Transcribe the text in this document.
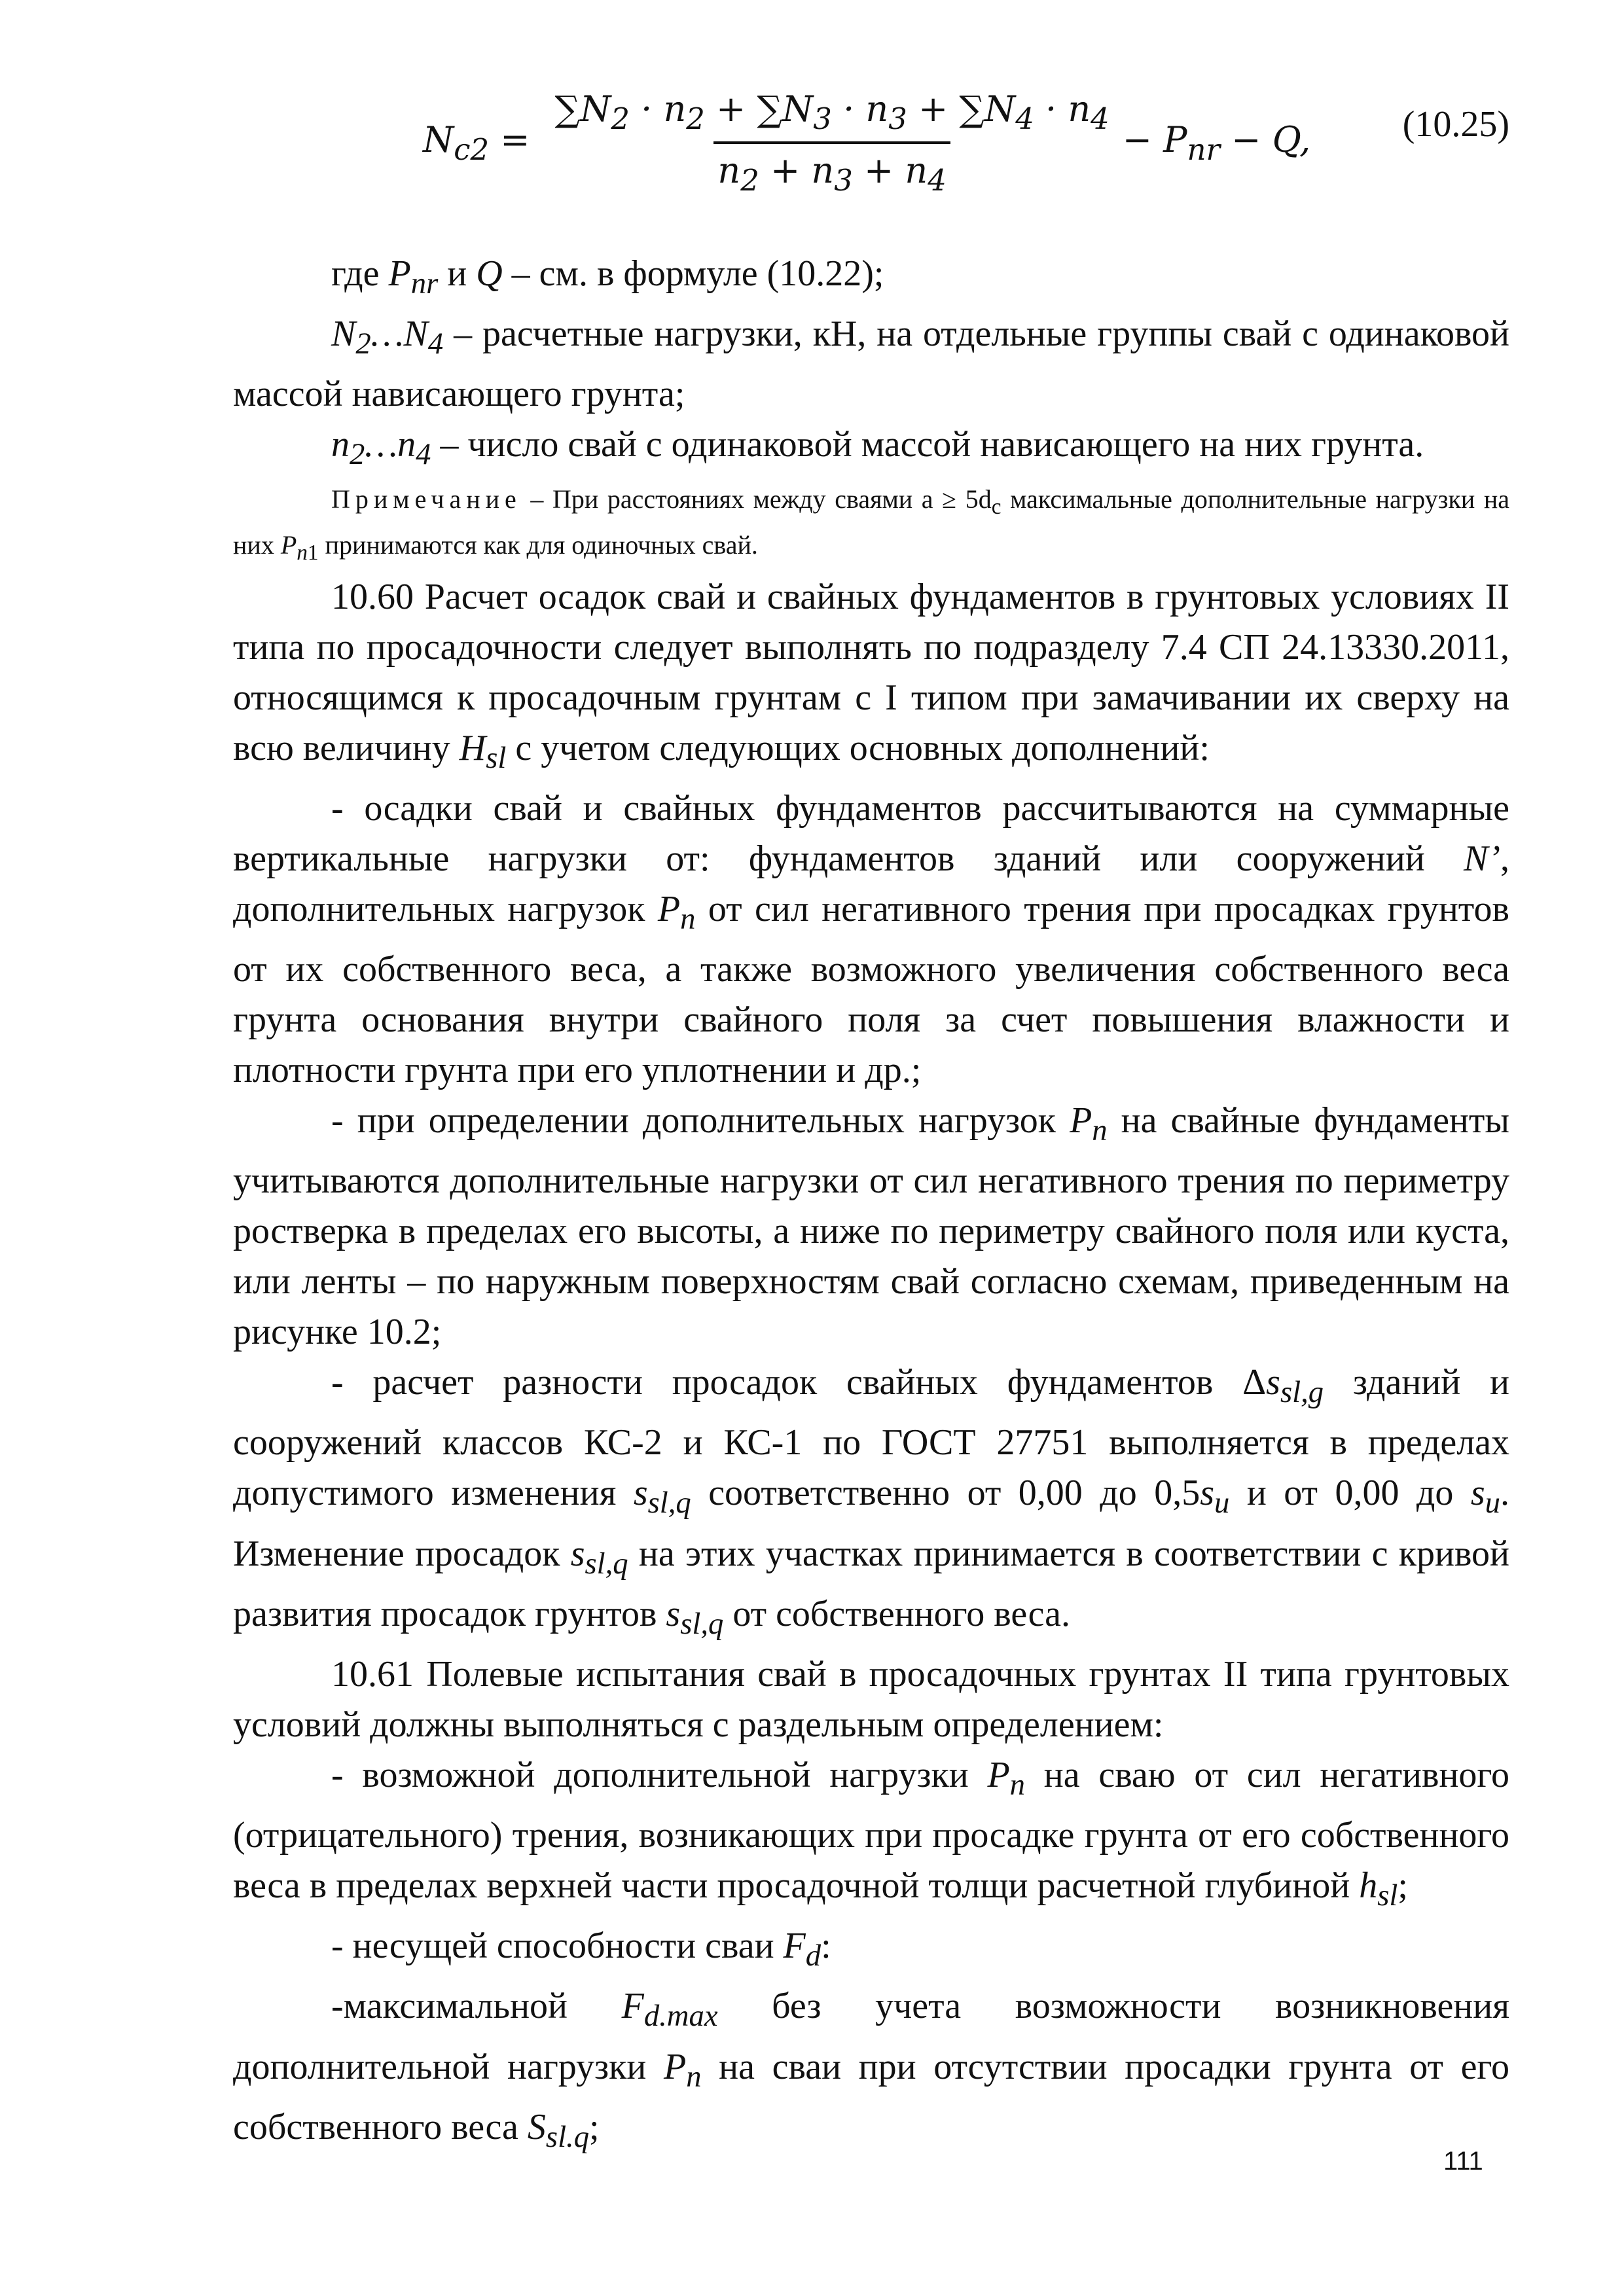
$N_{c2} = \frac{\sum N_2 \cdot n_2 + \sum N_3 \cdot n_3 + \sum N_4 \cdot n_4}{n_2 + n_3 + n_4} - P_{nr} - Q$,	(10.25)

где $P_{nr}$ и Q – см. в формуле (10.22);

$N_2\dots N_4$ – расчетные нагрузки, кН, на отдельные группы свай с одинаковой массой нависающего грунта;

$n_2\dots n_4$ – число свай с одинаковой массой нависающего на них грунта.

Примечание – При расстояниях между сваями $a \ge 5d_c$ максимальные дополнительные нагрузки на них $P_{n1}$ принимаются как для одиночных свай.

10.60 Расчет осадок свай и свайных фундаментов в грунтовых условиях II типа по просадочности следует выполнять по подразделу 7.4 СП 24.13330.2011, относящимся к просадочным грунтам с I типом при замачивании их сверху на всю величину $H_{sl}$ с учетом следующих основных дополнений:

- осадки свай и свайных фундаментов рассчитываются на суммарные вертикальные нагрузки от: фундаментов зданий или сооружений N’, дополнительных нагрузок $P_n$ от сил негативного трения при просадках грунтов от их собственного веса, а также возможного увеличения собственного веса грунта основания внутри свайного поля за счет повышения влажности и плотности грунта при его уплотнении и др.;

- при определении дополнительных нагрузок $P_n$ на свайные фундаменты учитываются дополнительные нагрузки от сил негативного трения по периметру ростверка в пределах его высоты, а ниже по периметру свайного поля или куста, или ленты – по наружным поверхностям свай согласно схемам, приведенным на рисунке 10.2;

- расчет разности просадок свайных фундаментов $\Delta s_{sl,g}$ зданий и сооружений классов КС-2 и КС-1 по ГОСТ 27751 выполняется в пределах допустимого изменения $s_{sl,q}$ соответственно от 0,00 до $0,5s_u$ и от 0,00 до $s_u$. Изменение просадок $s_{sl,q}$ на этих участках принимается в соответствии с кривой развития просадок грунтов $s_{sl,q}$ от собственного веса.

10.61 Полевые испытания свай в просадочных грунтах II типа грунтовых условий должны выполняться с раздельным определением:

- возможной дополнительной нагрузки $P_n$ на сваю от сил негативного (отрицательного) трения, возникающих при просадке грунта от его собственного веса в пределах верхней части просадочной толщи расчетной глубиной $h_{sl}$;

- несущей способности сваи $F_d$:

-максимальной $F_{d.max}$ без учета возможности возникновения дополнительной нагрузки $P_n$ на сваи при отсутствии просадки грунта от его собственного веса $S_{sl.q}$;

111
